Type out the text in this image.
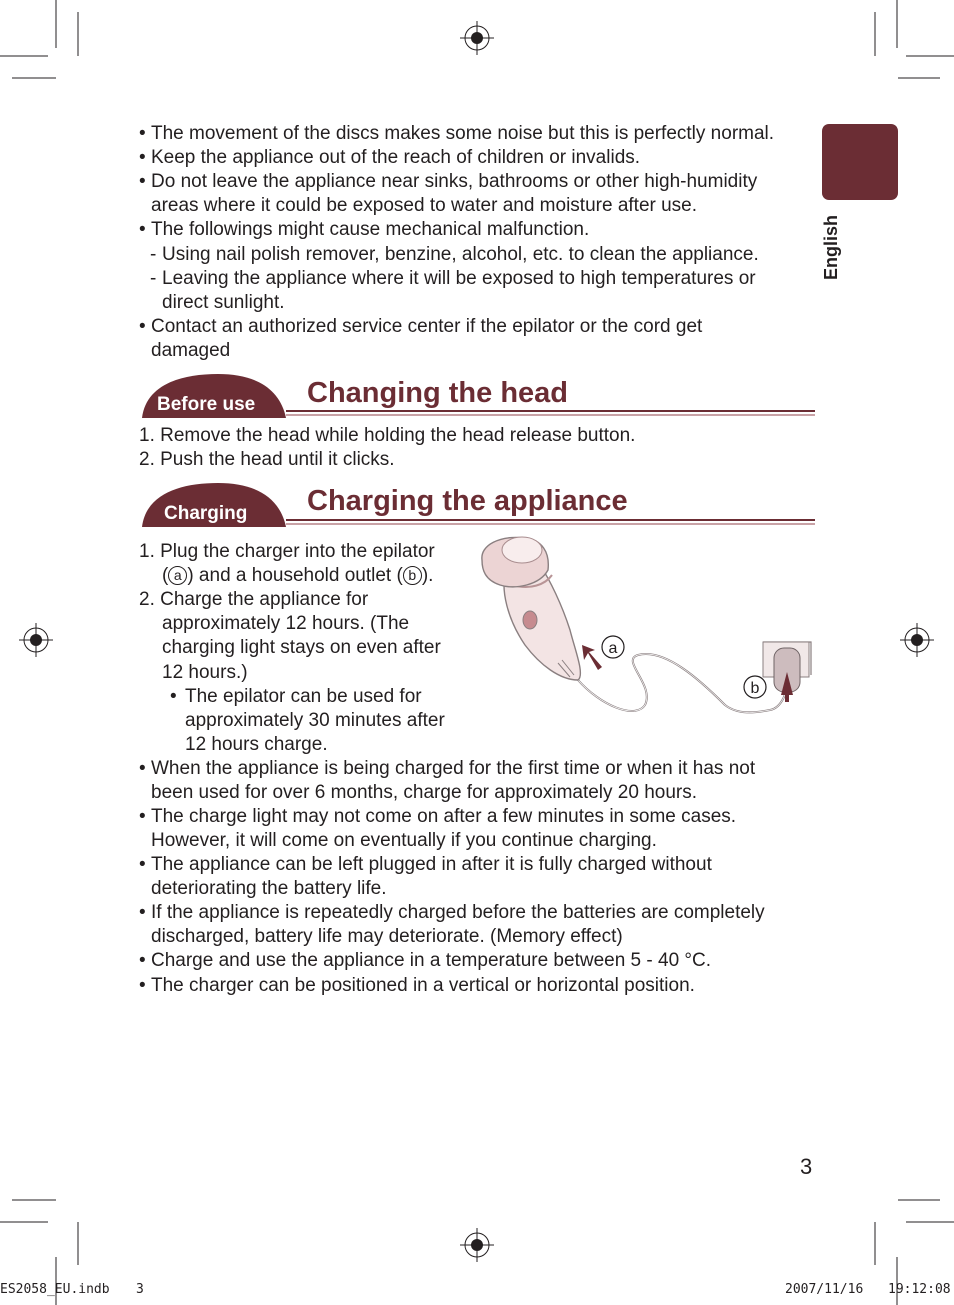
English
• The movement of the discs makes some noise but this is perfectly normal.
• Keep the appliance out of the reach of children or invalids.
• Do not leave the appliance near sinks, bathrooms or other high-humidity
areas where it could be exposed to water and moisture after use.
• The followings might cause mechanical malfunction.
- Using nail polish remover, benzine, alcohol, etc. to clean the appliance.
- Leaving the appliance where it will be exposed to high temperatures or
direct sunlight.
• Contact an authorized service center if the epilator or the cord get
damaged
Before use Changing the head
1. Remove the head while holding the head release button.
2. Push the head until it clicks.
Charging Charging the appliance
1. Plug the charger into the epilator
( a ) and a household outlet ( b ).
2. Charge the appliance for
approximately 12 hours. (The
charging light stays on even after
12 hours.)
• The epilator can be used for
approximately 30 minutes after
12 hours charge.
a
b
• When the appliance is being charged for the first time or when it has not
been used for over 6 months, charge for approximately 20 hours.
• The charge light may not come on after a few minutes in some cases.
However, it will come on eventually if you continue charging.
• The appliance can be left plugged in after it is fully charged without
deteriorating the battery life.
• If the appliance is repeatedly charged before the batteries are completely
discharged, battery life may deteriorate. (Memory effect)
• Charge and use the appliance in a temperature between 5 - 40 °C.
• The charger can be positioned in a vertical or horizontal position.
3
ES2058_EU.indb 3	2007/11/16 19:12:08
